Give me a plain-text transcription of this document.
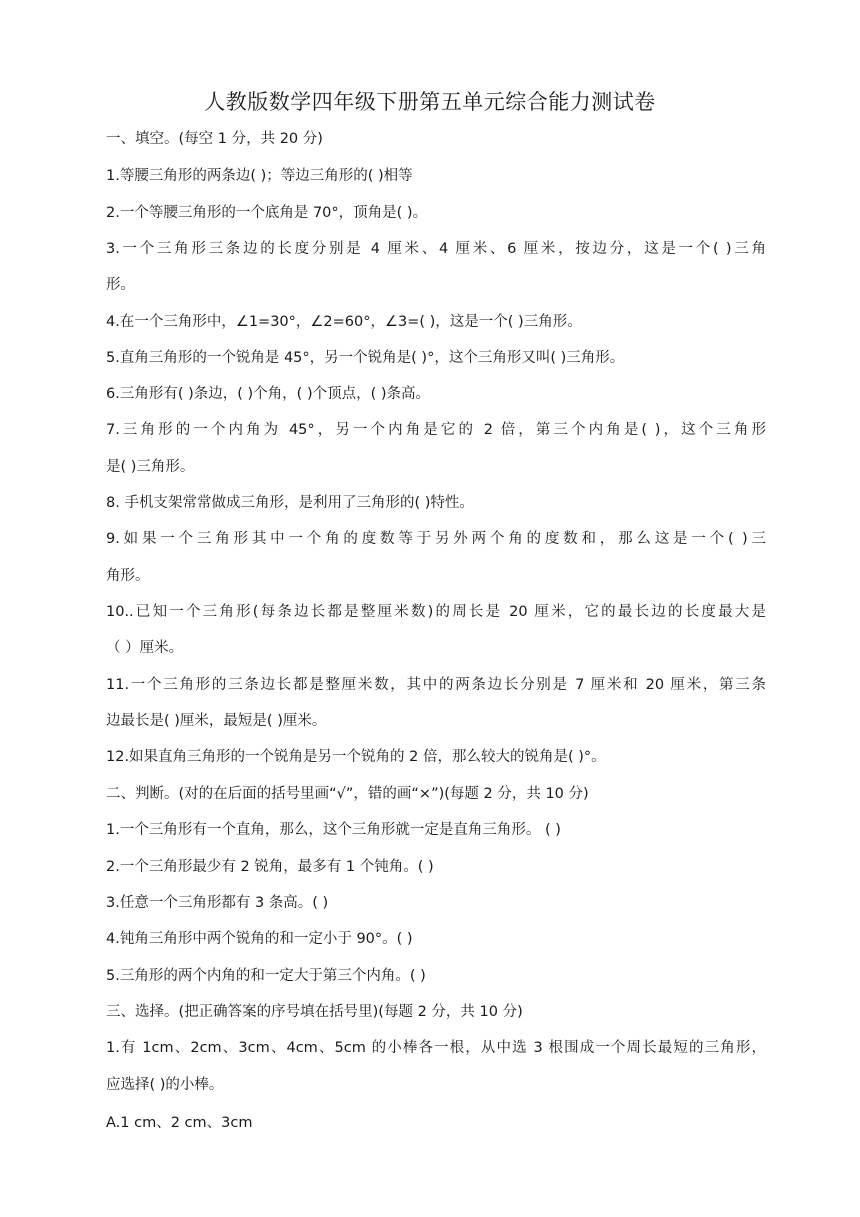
人教版数学四年级下册第五单元综合能力测试卷
一、填空。(每空 1 分，共 20 分)
1.等腰三角形的两条边( )；等边三角形的( )相等
2.一个等腰三角形的一个底角是 70°，顶角是( )。
3.一个三角形三条边的长度分别是 4 厘米、4 厘米、6 厘米，按边分，这是一个( )三角
形。
4.在一个三角形中，∠1=30°，∠2=60°，∠3=( )，这是一个( )三角形。
5.直角三角形的一个锐角是 45°，另一个锐角是( )°，这个三角形又叫( )三角形。
6.三角形有( )条边，( )个角，( )个顶点，( )条高。
7.三角形的一个内角为 45°，另一个内角是它的 2 倍，第三个内角是( )，这个三角形
是( )三角形。
8. 手机支架常常做成三角形，是利用了三角形的( )特性。
9.如果一个三角形其中一个角的度数等于另外两个角的度数和，那么这是一个( )三
角形。
10..已知一个三角形(每条边长都是整厘米数)的周长是 20 厘米，它的最长边的长度最大是
（ ）厘米。
11.一个三角形的三条边长都是整厘米数，其中的两条边长分别是 7 厘米和 20 厘米，第三条
边最长是( )厘米，最短是( )厘米。
12.如果直角三角形的一个锐角是另一个锐角的 2 倍，那么较大的锐角是( )°。
二、判断。(对的在后面的括号里画“√”，错的画“×”)(每题 2 分，共 10 分)
1.一个三角形有一个直角，那么，这个三角形就一定是直角三角形。 ( )
2.一个三角形最少有 2 锐角，最多有 1 个钝角。( )
3.任意一个三角形都有 3 条高。( )
4.钝角三角形中两个锐角的和一定小于 90°。( )
5.三角形的两个内角的和一定大于第三个内角。( )
三、选择。(把正确答案的序号填在括号里)(每题 2 分，共 10 分)
1.有 1cm、2cm、3cm、4cm、5cm 的小棒各一根，从中选 3 根围成一个周长最短的三角形，
应选择( )的小棒。
A.1 cm、2 cm、3cm
